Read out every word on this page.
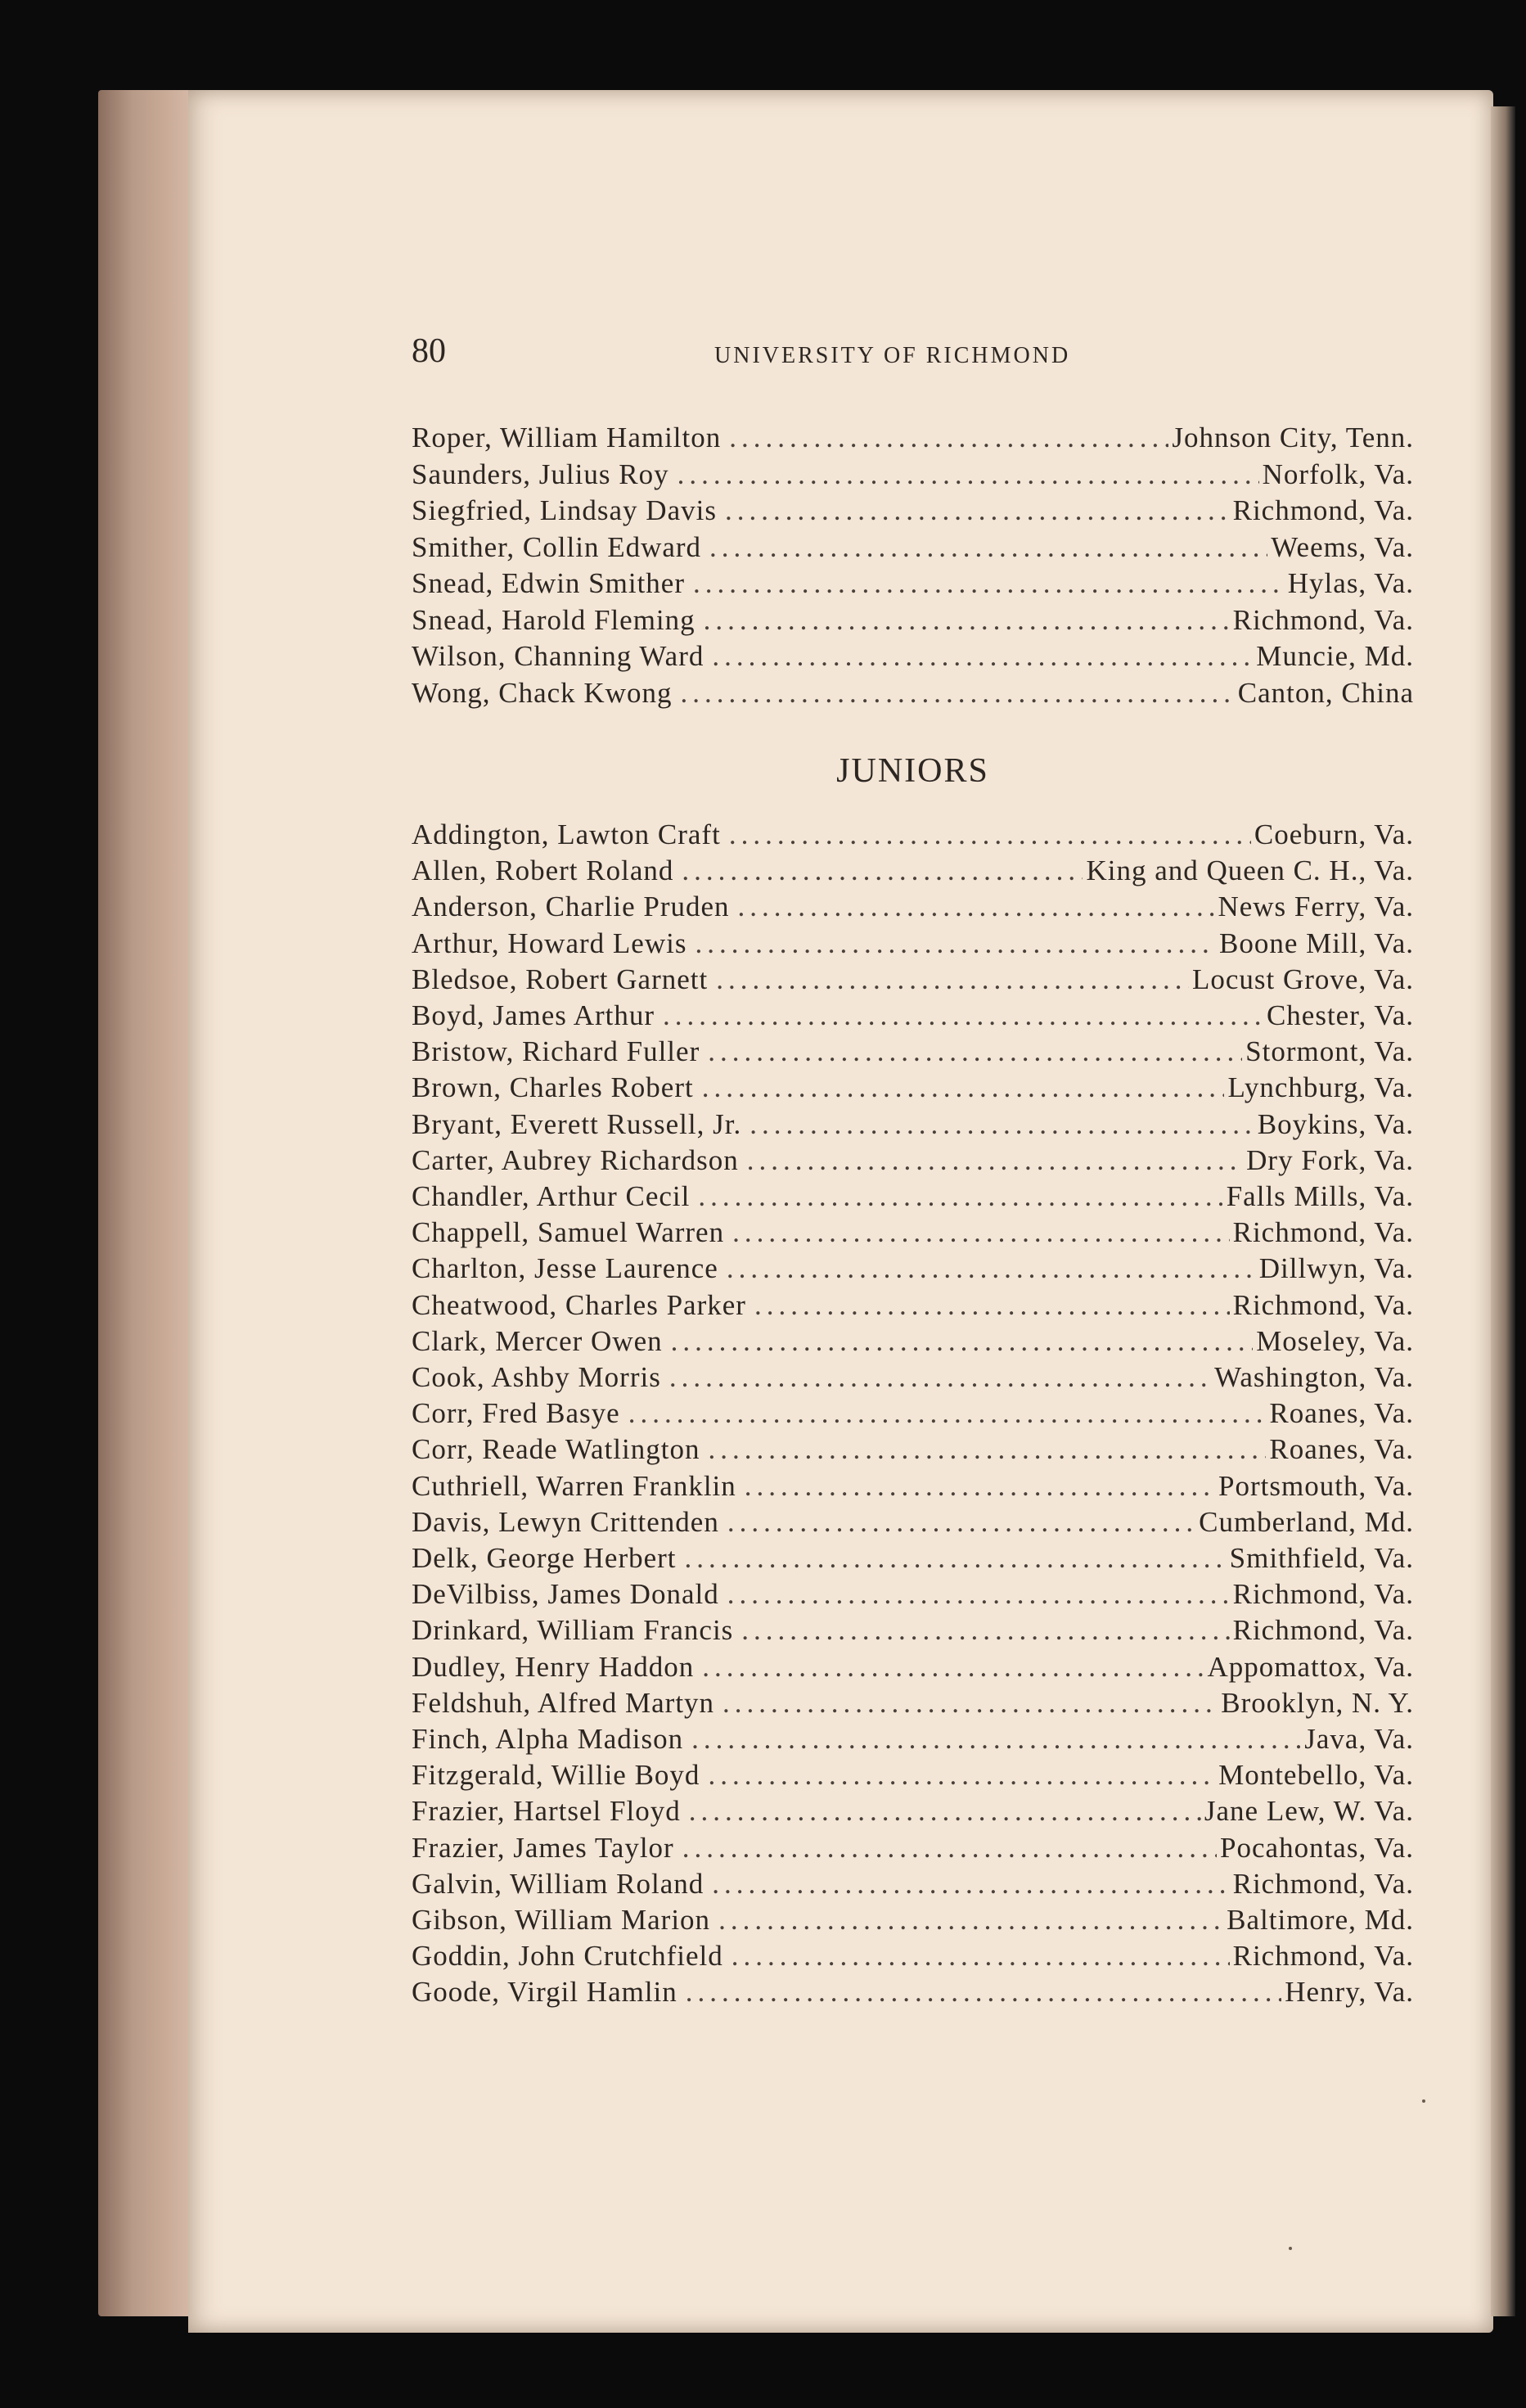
80	UNIVERSITY OF RICHMOND
Roper, William Hamilton .....	Johnson City, Tenn.
Saunders, Julius Roy .....	Norfolk, Va.
Siegfried, Lindsay Davis .....	Richmond, Va.
Smither, Collin Edward .....	Weems, Va.
Snead, Edwin Smither .....	Hylas, Va.
Snead, Harold Fleming .....	Richmond, Va.
Wilson, Channing Ward .....	Muncie, Md.
Wong, Chack Kwong .....	Canton, China
JUNIORS
Addington, Lawton Craft .....	Coeburn, Va.
Allen, Robert Roland .....	King and Queen C. H., Va.
Anderson, Charlie Pruden .....	News Ferry, Va.
Arthur, Howard Lewis .....	Boone Mill, Va.
Bledsoe, Robert Garnett .....	Locust Grove, Va.
Boyd, James Arthur .....	Chester, Va.
Bristow, Richard Fuller .....	Stormont, Va.
Brown, Charles Robert .....	Lynchburg, Va.
Bryant, Everett Russell, Jr. .....	Boykins, Va.
Carter, Aubrey Richardson .....	Dry Fork, Va.
Chandler, Arthur Cecil .....	Falls Mills, Va.
Chappell, Samuel Warren .....	Richmond, Va.
Charlton, Jesse Laurence .....	Dillwyn, Va.
Cheatwood, Charles Parker .....	Richmond, Va.
Clark, Mercer Owen .....	Moseley, Va.
Cook, Ashby Morris .....	Washington, Va.
Corr, Fred Basye .....	Roanes, Va.
Corr, Reade Watlington .....	Roanes, Va.
Cuthriell, Warren Franklin .....	Portsmouth, Va.
Davis, Lewyn Crittenden .....	Cumberland, Md.
Delk, George Herbert .....	Smithfield, Va.
DeVilbiss, James Donald .....	Richmond, Va.
Drinkard, William Francis .....	Richmond, Va.
Dudley, Henry Haddon .....	Appomattox, Va.
Feldshuh, Alfred Martyn .....	Brooklyn, N. Y.
Finch, Alpha Madison .....	Java, Va.
Fitzgerald, Willie Boyd .....	Montebello, Va.
Frazier, Hartsel Floyd .....	Jane Lew, W. Va.
Frazier, James Taylor .....	Pocahontas, Va.
Galvin, William Roland .....	Richmond, Va.
Gibson, William Marion .....	Baltimore, Md.
Goddin, John Crutchfield .....	Richmond, Va.
Goode, Virgil Hamlin .....	Henry, Va.
